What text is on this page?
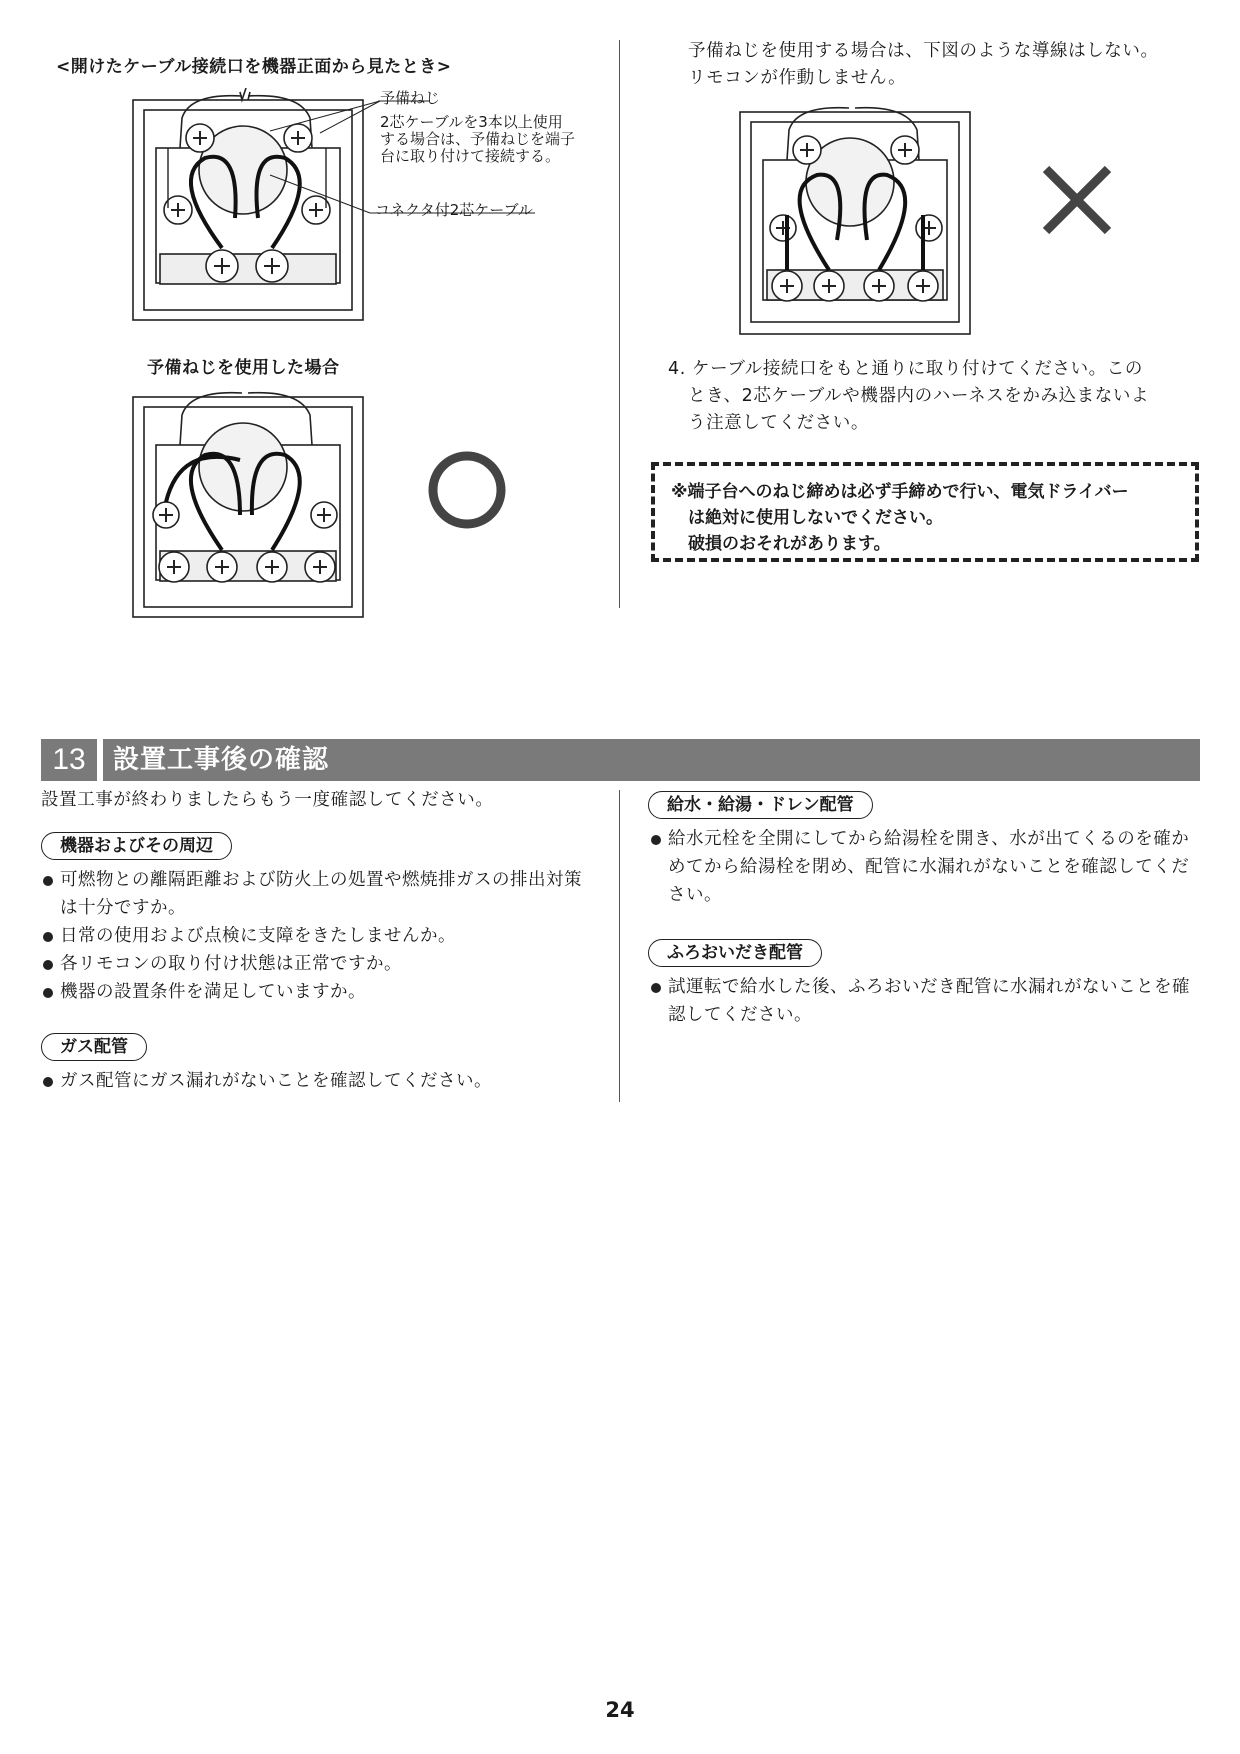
<開けたケーブル接続口を機器正面から見たとき>
予備ねじ
2芯ケーブルを3本以上使用
する場合は、予備ねじを端子
台に取り付けて接続する。
コネクタ付2芯ケーブル
予備ねじを使用した場合
予備ねじを使用する場合は、下図のような導線はしない。
リモコンが作動しません。
4. ケーブル接続口をもと通りに取り付けてください。この
とき、2芯ケーブルや機器内のハーネスをかみ込まないよ
う注意してください。
※端子台へのねじ締めは必ず手締めで行い、電気ドライバー
は絶対に使用しないでください。
破損のおそれがあります。
13	設置工事後の確認
設置工事が終わりましたらもう一度確認してください。
機器およびその周辺
可燃物との離隔距離および防火上の処置や燃焼排ガスの排出対策は十分ですか。
日常の使用および点検に支障をきたしませんか。
各リモコンの取り付け状態は正常ですか。
機器の設置条件を満足していますか。
ガス配管
ガス配管にガス漏れがないことを確認してください。
給水・給湯・ドレン配管
給水元栓を全開にしてから給湯栓を開き、水が出てくるのを確かめてから給湯栓を閉め、配管に水漏れがないことを確認してください。
ふろおいだき配管
試運転で給水した後、ふろおいだき配管に水漏れがないことを確認してください。
24
